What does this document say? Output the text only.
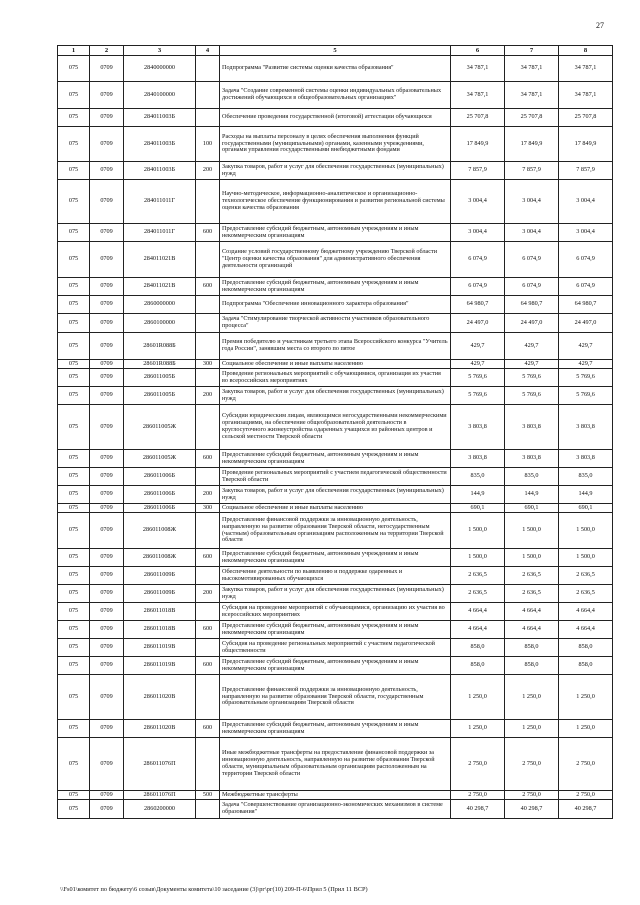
27
1	2	3	4	5	6	7	8
075	0709	2840000000		Подпрограмма "Развитие системы оценки качества образования"	34 787,1	34 787,1	34 787,1
075	0709	2840100000		Задача "Создание современной системы оценки индивидуальных образовательных достижений обучающихся в общеобразовательных организациях"	34 787,1	34 787,1	34 787,1
075	0709	284011003Б		Обеспечение проведения государственной (итоговой) аттестации обучающихся	25 707,8	25 707,8	25 707,8
075	0709	284011003Б	100	Расходы на выплаты персоналу в целях обеспечения выполнения функций государственными (муниципальными) органами, казенными учреждениями, органами управления государственными внебюджетными фондами	17 849,9	17 849,9	17 849,9
075	0709	284011003Б	200	Закупка товаров, работ и услуг для обеспечения государственных (муниципальных) нужд	7 857,9	7 857,9	7 857,9
075	0709	284011011Г		Научно-методическое, информационно-аналитическое и организационно-технологическое обеспечение функционирования и развития региональной системы оценки качества образования	3 004,4	3 004,4	3 004,4
075	0709	284011011Г	600	Предоставление субсидий бюджетным, автономным учреждениям и иным некоммерческим организациям	3 004,4	3 004,4	3 004,4
075	0709	284011021В		Создание условий государственному бюджетному учреждению Тверской области "Центр оценки качества образования" для административного обеспечения деятельности организаций	6 074,9	6 074,9	6 074,9
075	0709	284011021В	600	Предоставление субсидий бюджетным, автономным учреждениям и иным некоммерческим организациям	6 074,9	6 074,9	6 074,9
075	0709	2860000000		Подпрограмма "Обеспечение инновационного характера образования"	64 980,7	64 980,7	64 980,7
075	0709	2860100000		Задача "Стимулирование творческой активности участников образовательного процесса"	24 497,0	24 497,0	24 497,0
075	0709	28601R088Б		Премия победителю и участникам третьего этапа Всероссийского конкурса "Учитель года России", занявшим места со второго по пятое	429,7	429,7	429,7
075	0709	28601R088Б	300	Социальное обеспечение и иные выплаты населению	429,7	429,7	429,7
075	0709	286011005Б		Проведение региональных мероприятий с обучающимися, организация их участия во всероссийских мероприятиях	5 769,6	5 769,6	5 769,6
075	0709	286011005Б	200	Закупка товаров, работ и услуг для обеспечения государственных (муниципальных) нужд	5 769,6	5 769,6	5 769,6
075	0709	286011005Ж		Субсидии юридическим лицам, являющимся негосударственными некоммерческими организациями, на обеспечение общеобразовательной деятельности в круглосуточного жизнеустройства одаренных учащихся из районных центров и сельской местности Тверской области	3 803,8	3 803,8	3 803,8
075	0709	286011005Ж	600	Предоставление субсидий бюджетным, автономным учреждениям и иным некоммерческим организациям	3 803,8	3 803,8	3 803,8
075	0709	286011006Б		Проведение региональных мероприятий с участием педагогической общественности Тверской области	835,0	835,0	835,0
075	0709	286011006Б	200	Закупка товаров, работ и услуг для обеспечения государственных (муниципальных) нужд	144,9	144,9	144,9
075	0709	286011006Б	300	Социальное обеспечение и иные выплаты населению	690,1	690,1	690,1
075	0709	286011008Ж		Предоставление финансовой поддержки за инновационную деятельность, направленную на развитие образования Тверской области, негосударственным (частным) образовательным организациям расположенным на территории Тверской области	1 500,0	1 500,0	1 500,0
075	0709	286011008Ж	600	Предоставление субсидий бюджетным, автономным учреждениям и иным некоммерческим организациям	1 500,0	1 500,0	1 500,0
075	0709	286011009Б		Обеспечение деятельности по выявлению и поддержке одаренных и высокомотивированных обучающихся	2 636,5	2 636,5	2 636,5
075	0709	286011009Б	200	Закупка товаров, работ и услуг для обеспечения государственных (муниципальных) нужд	2 636,5	2 636,5	2 636,5
075	0709	286011018В		Субсидия на проведение мероприятий с обучающимися, организацию их участия во всероссийских мероприятиях	4 664,4	4 664,4	4 664,4
075	0709	286011018В	600	Предоставление субсидий бюджетным, автономным учреждениям и иным некоммерческим организациям	4 664,4	4 664,4	4 664,4
075	0709	286011019В		Субсидия на проведение региональных мероприятий с участием педагогической общественности	858,0	858,0	858,0
075	0709	286011019В	600	Предоставление субсидий бюджетным, автономным учреждениям и иным некоммерческим организациям	858,0	858,0	858,0
075	0709	286011020В		Предоставление финансовой поддержки за инновационную деятельность, направленную на развитие образования Тверской области, государственным образовательным организациям Тверской области	1 250,0	1 250,0	1 250,0
075	0709	286011020В	600	Предоставление субсидий бюджетным, автономным учреждениям и иным некоммерческим организациям	1 250,0	1 250,0	1 250,0
075	0709	286011076П		Иные межбюджетные трансферты на предоставление финансовой поддержки за инновационную деятельность, направленную на развитие образования Тверской области, муниципальным образовательным организациям расположенным на территории Тверской области	2 750,0	2 750,0	2 750,0
075	0709	286011076П	500	Межбюджетные трансферты	2 750,0	2 750,0	2 750,0
075	0709	2860200000		Задача "Совершенствование организационно-экономических механизмов в системе образования"	40 298,7	40 298,7	40 298,7
\\Fs01\комитет по бюджету\6 созыв\Документы комитета\10 заседание (3)\рг\рг(10) 209-П-6\Прил 5 (Прил 11 ВСР)
